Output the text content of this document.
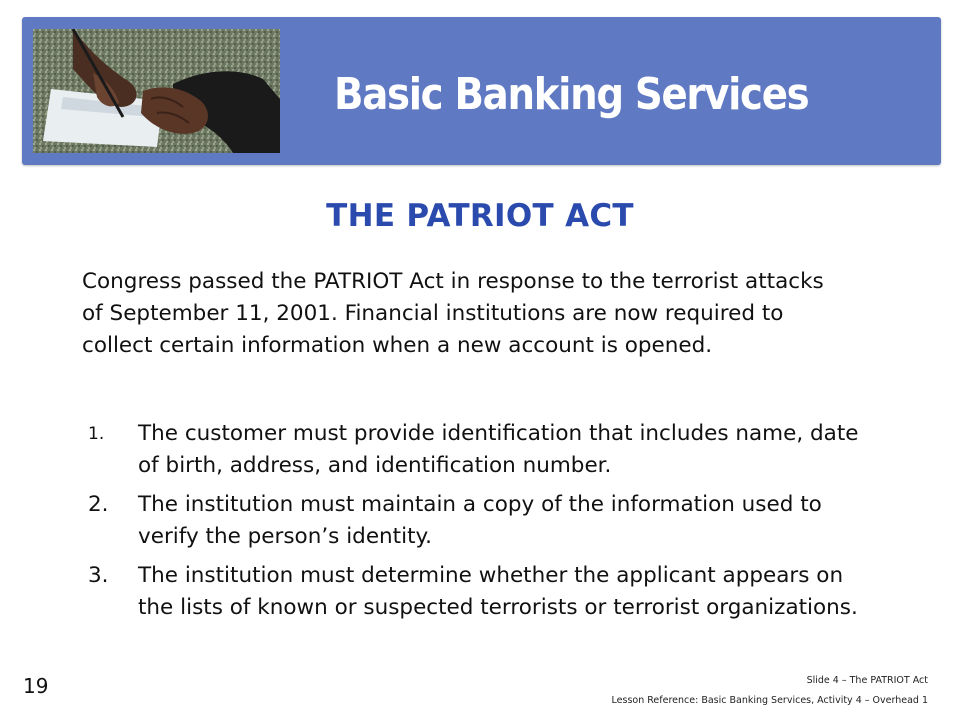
Basic Banking Services
THE PATRIOT ACT

Congress passed the PATRIOT Act in response to the terrorist attacks of September 11, 2001. Financial institutions are now required to collect certain information when a new account is opened.

1. The customer must provide identification that includes name, date of birth, address, and identification number.
2. The institution must maintain a copy of the information used to verify the person’s identity.
3. The institution must determine whether the applicant appears on the lists of known or suspected terrorists or terrorist organizations.
19	Slide 4 – The PATRIOT Act
Lesson Reference: Basic Banking Services, Activity 4 – Overhead 1
